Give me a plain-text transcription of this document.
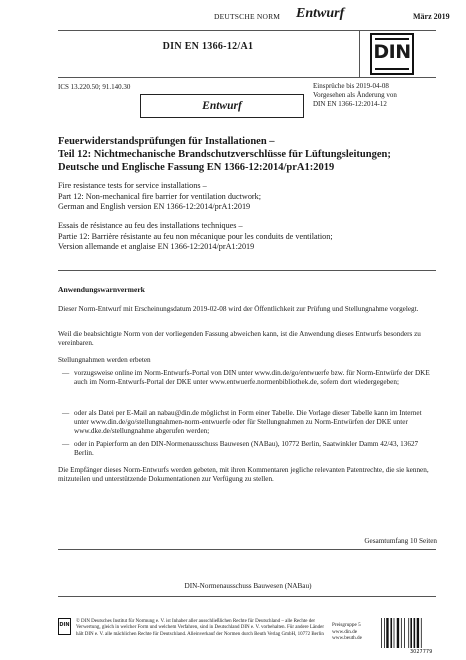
DEUTSCHE NORM Entwurf	März 2019
DIN EN 1366-12/A1	DIN
ICS 13.220.50; 91.140.30	Einsprüche bis 2019-04-08
Vorgesehen als Änderung von
DIN EN 1366-12:2014-12
Entwurf
Feuerwiderstandsprüfungen für Installationen –
Teil 12: Nichtmechanische Brandschutzverschlüsse für Lüftungsleitungen;
Deutsche und Englische Fassung EN 1366-12:2014/prA1:2019
Fire resistance tests for service installations –
Part 12: Non-mechanical fire barrier for ventilation ductwork;
German and English version EN 1366-12:2014/prA1:2019
Essais de résistance au feu des installations techniques –
Partie 12: Barrière résistante au feu non mécanique pour les conduits de ventilation;
Version allemande et anglaise EN 1366-12:2014/prA1:2019
Anwendungswarnvermerk
Dieser Norm-Entwurf mit Erscheinungsdatum 2019-02-08 wird der Öffentlichkeit zur Prüfung und Stellungnahme vorgelegt.
Weil die beabsichtigte Norm von der vorliegenden Fassung abweichen kann, ist die Anwendung dieses Entwurfs besonders zu vereinbaren.
Stellungnahmen werden erbeten
— vorzugsweise online im Norm-Entwurfs-Portal von DIN unter www.din.de/go/entwuerfe bzw. für Norm-Entwürfe der DKE auch im Norm-Entwurfs-Portal der DKE unter www.entwuerfe.normenbibliothek.de, sofern dort wiedergegeben;
— oder als Datei per E-Mail an nabau@din.de möglichst in Form einer Tabelle. Die Vorlage dieser Tabelle kann im Internet unter www.din.de/go/stellungnahmen-norm-entwuerfe oder für Stellungnahmen zu Norm-Entwürfen der DKE unter www.dke.de/stellungnahme abgerufen werden;
— oder in Papierform an den DIN-Normenausschuss Bauwesen (NABau), 10772 Berlin, Saatwinkler Damm 42/43, 13627 Berlin.
Die Empfänger dieses Norm-Entwurfs werden gebeten, mit ihren Kommentaren jegliche relevanten Patentrechte, die sie kennen, mitzuteilen und unterstützende Dokumentationen zur Verfügung zu stellen.
Gesamtumfang 10 Seiten
DIN-Normenausschuss Bauwesen (NABau)
DIN
© DIN Deutsches Institut für Normung e. V. ist Inhaber aller ausschließlichen Rechte für Deutschland – alle Rechte der Verwertung, gleich in welcher Form und welchem Verfahren, sind in Deutschland DIN e. V. vorbehalten. Für andere Länder hält DIN e. V. alle mächlichen Rechte für Deutschland. Alleinverkauf der Normen durch Beuth Verlag GmbH, 10772 Berlin
Preisgruppe 5
www.din.de
www.beuth.de
3027779
